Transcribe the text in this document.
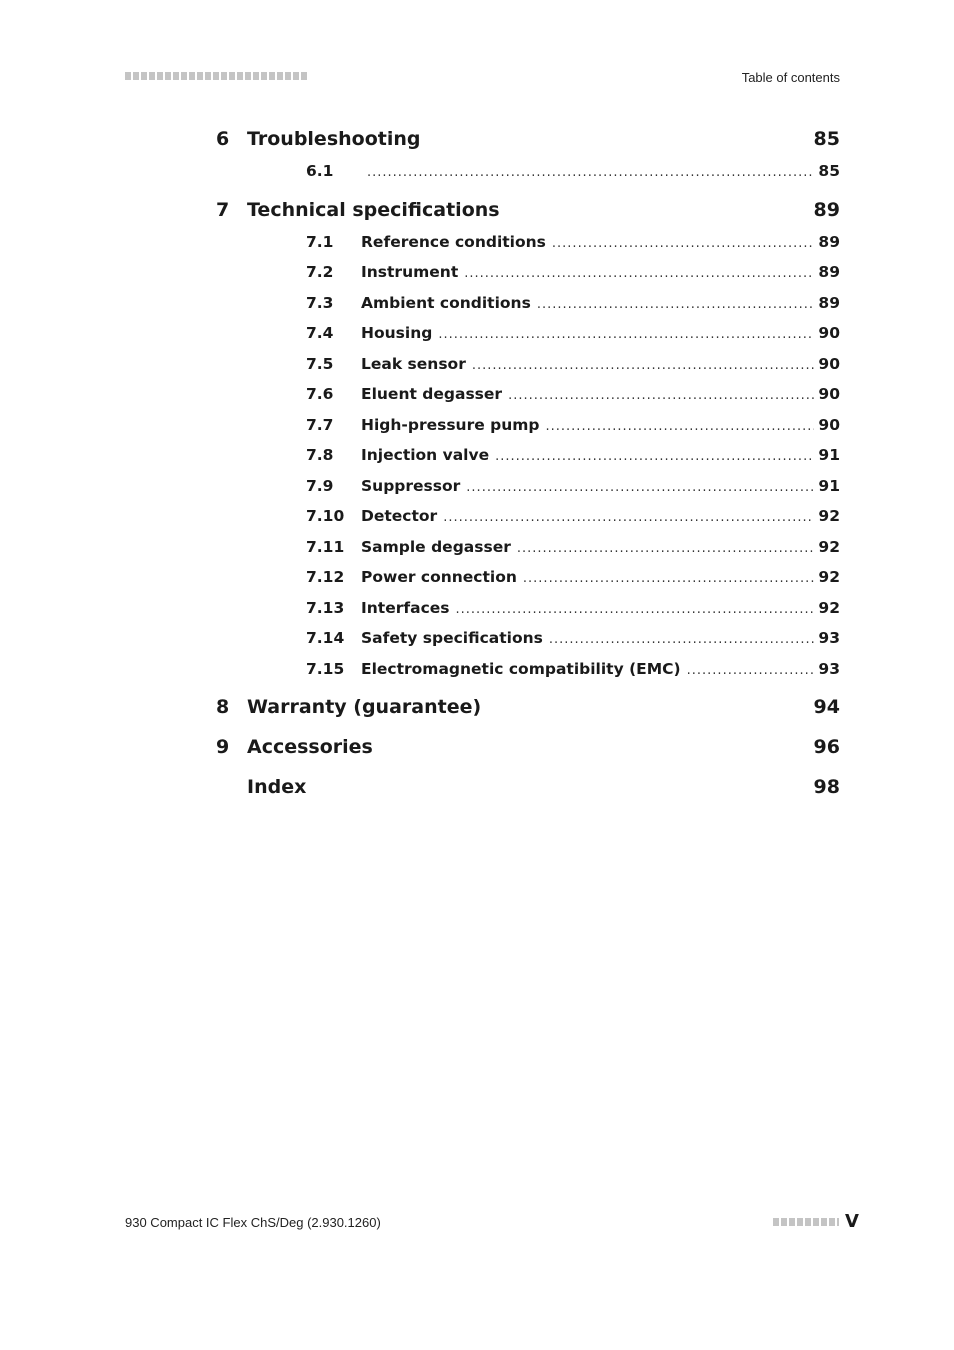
Table of contents
6 Troubleshooting	85
6.1 .....	85
7 Technical specifications	89
7.1 Reference conditions .....	89
7.2 Instrument .....	89
7.3 Ambient conditions .....	89
7.4 Housing .....	90
7.5 Leak sensor .....	90
7.6 Eluent degasser .....	90
7.7 High-pressure pump .....	90
7.8 Injection valve .....	91
7.9 Suppressor .....	91
7.10 Detector .....	92
7.11 Sample degasser .....	92
7.12 Power connection .....	92
7.13 Interfaces .....	92
7.14 Safety specifications .....	93
7.15 Electromagnetic compatibility (EMC) .....	93
8 Warranty (guarantee)	94
9 Accessories	96
Index	98
930 Compact IC Flex ChS/Deg (2.930.1260)	V
